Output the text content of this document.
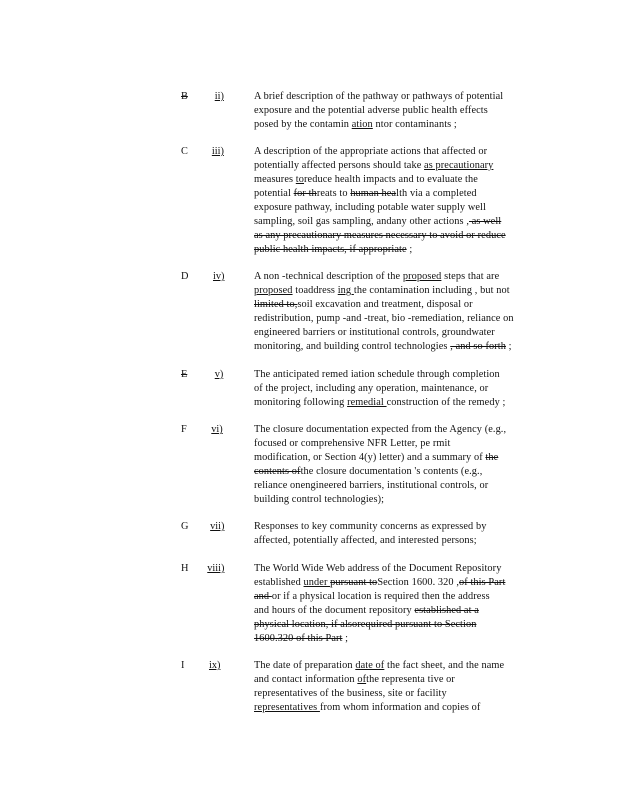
B	ii)	A brief description of the pathway or pathways of potential
exposure and the potential adverse public health effects
posed by the contamin ation ntor contaminants ;
C iii)	A description of the appropriate actions that affected or
potentially affected persons should take as precautionary
measures toreduce health impacts and to evaluate the
potential for threats to human health via a completed
exposure pathway, including potable water supply well
sampling, soil gas sampling, andany other actions , as well
as any precautionary measures necessary to avoid or reduce
public health impacts, if appropriate ;
D iv)	A non -technical description of the proposed steps that are
proposed toaddress ing the contamination including , but not
limited to,soil excavation and treatment, disposal or
redistribution, pump -and -treat, bio -remediation, reliance on
engineered barriers or institutional controls, groundwater
monitoring, and building control technologies , and so forth ;
E	v)	The anticipated remed iation schedule through completion
of the project, including any operation, maintenance, or
monitoring following remedial construction of the remedy ;
F vi)	The closure documentation expected from the Agency (e.g.,
focused or comprehensive NFR Letter, pe rmit
modification, or Section 4(y) letter) and a summary of the
contents ofthe closure documentation 's contents (e.g.,
reliance onengineered barriers, institutional controls, or
building control technologies);
G vii)	Responses to key community concerns as expressed by
affected, potentially affected, and interested persons;
H viii)	The World Wide Web address of the Document Repository
established under pursuant toSection 1600. 320 ,of this Part
and or if a physical location is required then the address
and hours of the document repository established at a
physical location, if alsorequired pursuant to Section
1600.320 of this Part ;
I ix)	The date of preparation date of the fact sheet, and the name
and contact information ofthe representa tive or
representatives of the business, site or facility
representatives from whom information and copies of
